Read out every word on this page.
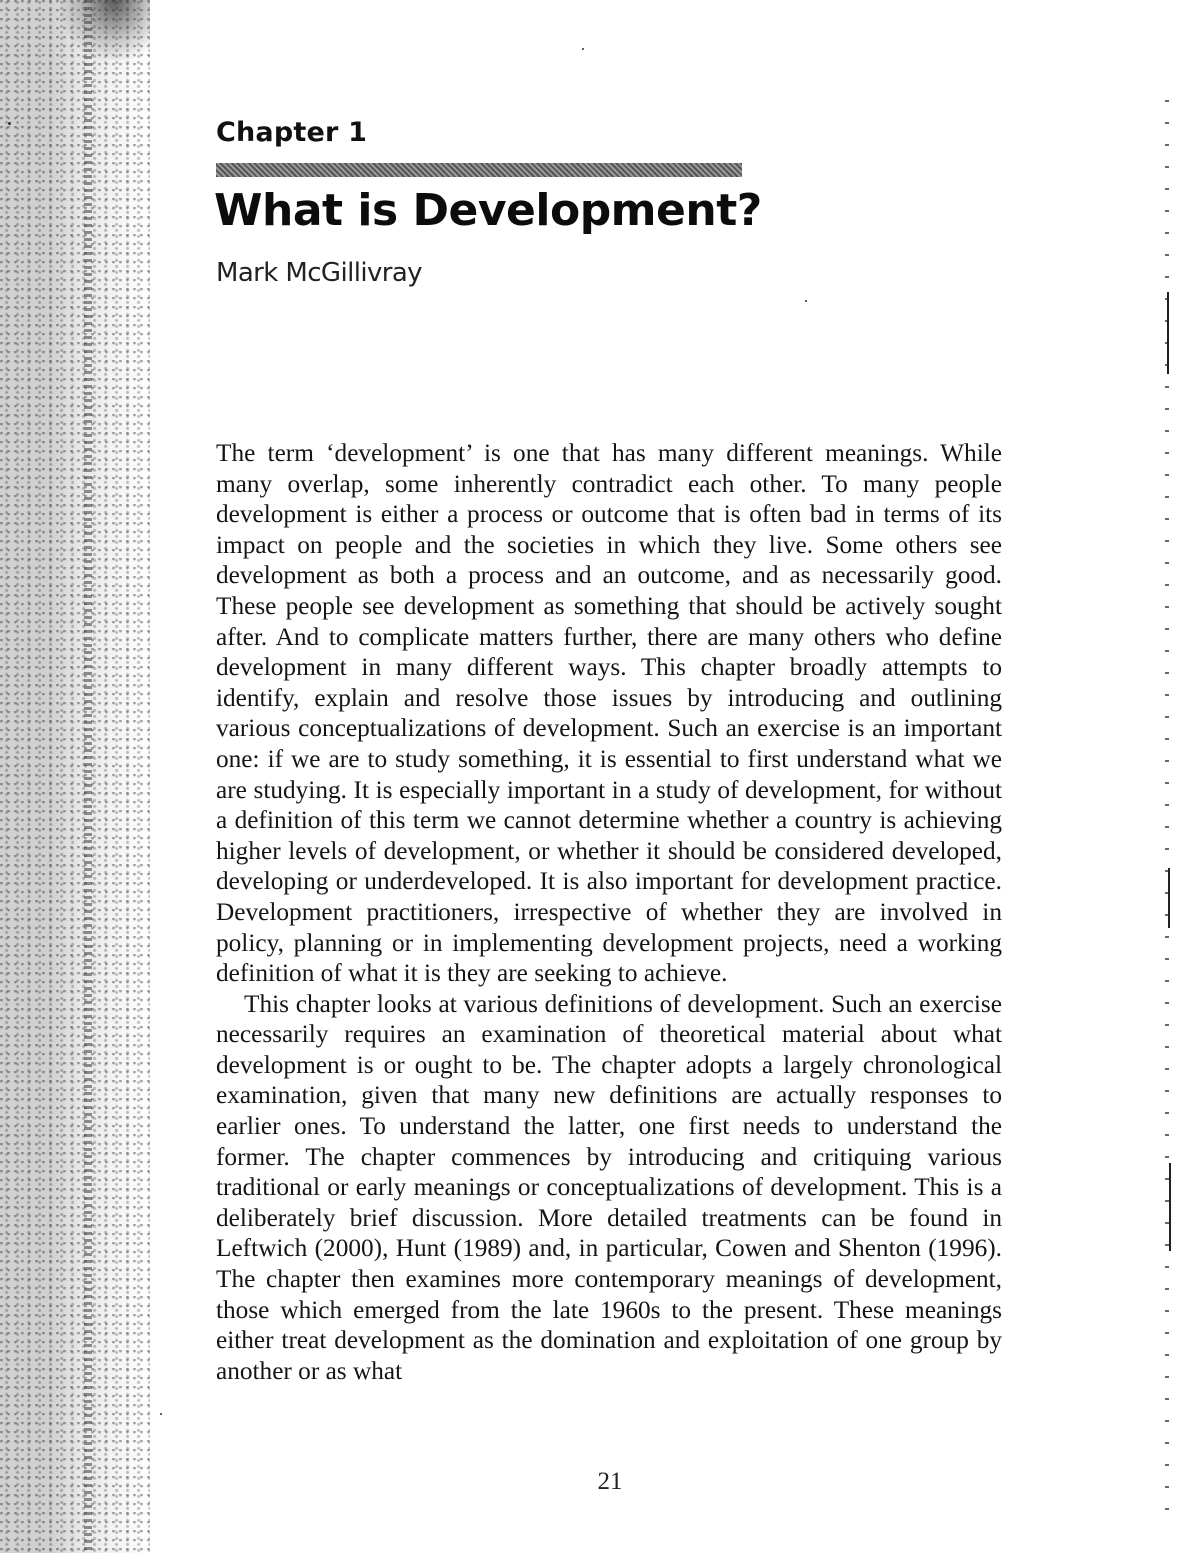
Chapter 1
What is Development?
Mark McGillivray

The term ‘development’ is one that has many different meanings. While many overlap, some inherently contradict each other. To many people development is either a process or outcome that is often bad in terms of its impact on people and the societies in which they live. Some others see development as both a process and an outcome, and as necessarily good. These people see development as something that should be actively sought after. And to complicate matters further, there are many others who define development in many different ways. This chapter broadly attempts to identify, explain and resolve those issues by introducing and outlining various conceptualizations of development. Such an exercise is an important one: if we are to study something, it is essential to first understand what we are studying. It is especially important in a study of development, for without a definition of this term we cannot determine whether a country is achieving higher levels of development, or whether it should be considered developed, developing or underdeveloped. It is also important for development practice. Development practitioners, irrespective of whether they are involved in policy, planning or in implementing development projects, need a working definition of what it is they are seeking to achieve.

This chapter looks at various definitions of development. Such an exercise necessarily requires an examination of theoretical material about what development is or ought to be. The chapter adopts a largely chronological examination, given that many new definitions are actually responses to earlier ones. To understand the latter, one first needs to understand the former. The chapter commences by introducing and critiquing various traditional or early meanings or conceptualizations of development. This is a deliberately brief discussion. More detailed treatments can be found in Leftwich (2000), Hunt (1989) and, in particular, Cowen and Shenton (1996). The chapter then examines more contemporary meanings of development, those which emerged from the late 1960s to the present. These meanings either treat development as the domination and exploitation of one group by another or as what

21
